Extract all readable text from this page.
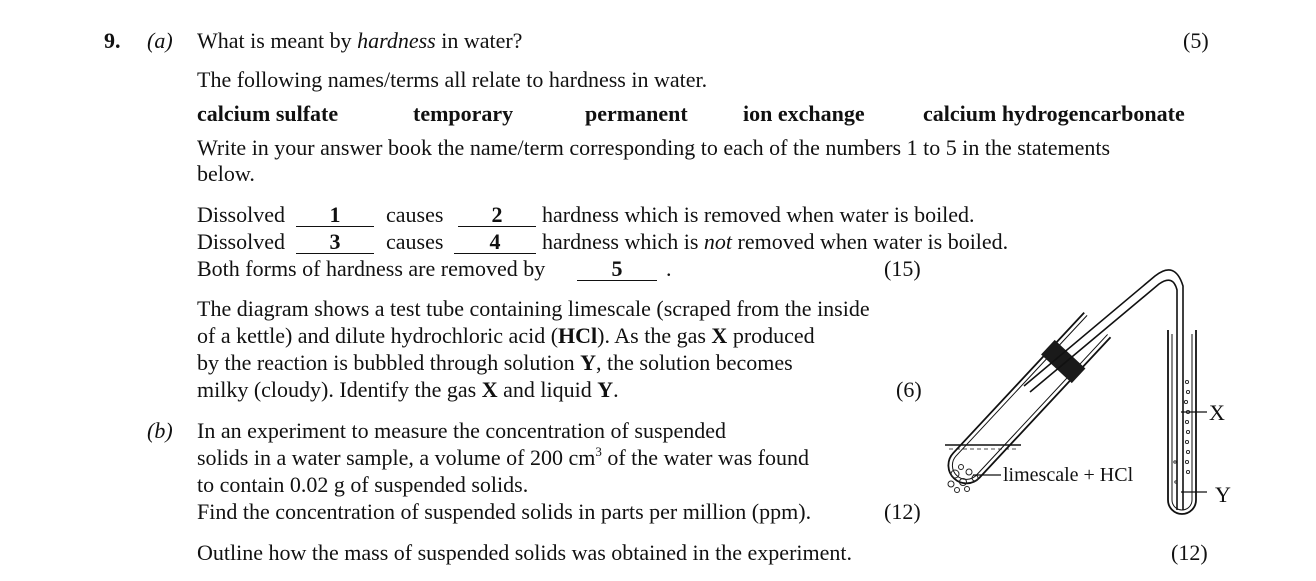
9. (a) What is meant by hardness in water?	(5)
The following names/terms all relate to hardness in water.
calcium sulfate	temporary	permanent	ion exchange	calcium hydrogencarbonate
Write in your answer book the name/term corresponding to each of the numbers 1 to 5 in the statements
below.
Dissolved	1	causes	2	hardness which is removed when water is boiled.
Dissolved	3	causes	4	hardness which is not removed when water is boiled.
Both forms of hardness are removed by	5	.	(15)
The diagram shows a test tube containing limescale (scraped from the inside
of a kettle) and dilute hydrochloric acid (HCl). As the gas X produced
by the reaction is bubbled through solution Y, the solution becomes
milky (cloudy). Identify the gas X and liquid Y.	(6)
(b) In an experiment to measure the concentration of suspended
solids in a water sample, a volume of 200 $cm^3$ of the water was found
to contain 0.02 g of suspended solids.
Find the concentration of suspended solids in parts per million (ppm).	(12)
Outline how the mass of suspended solids was obtained in the experiment.	(12)
limescale + HCl
X
Y
